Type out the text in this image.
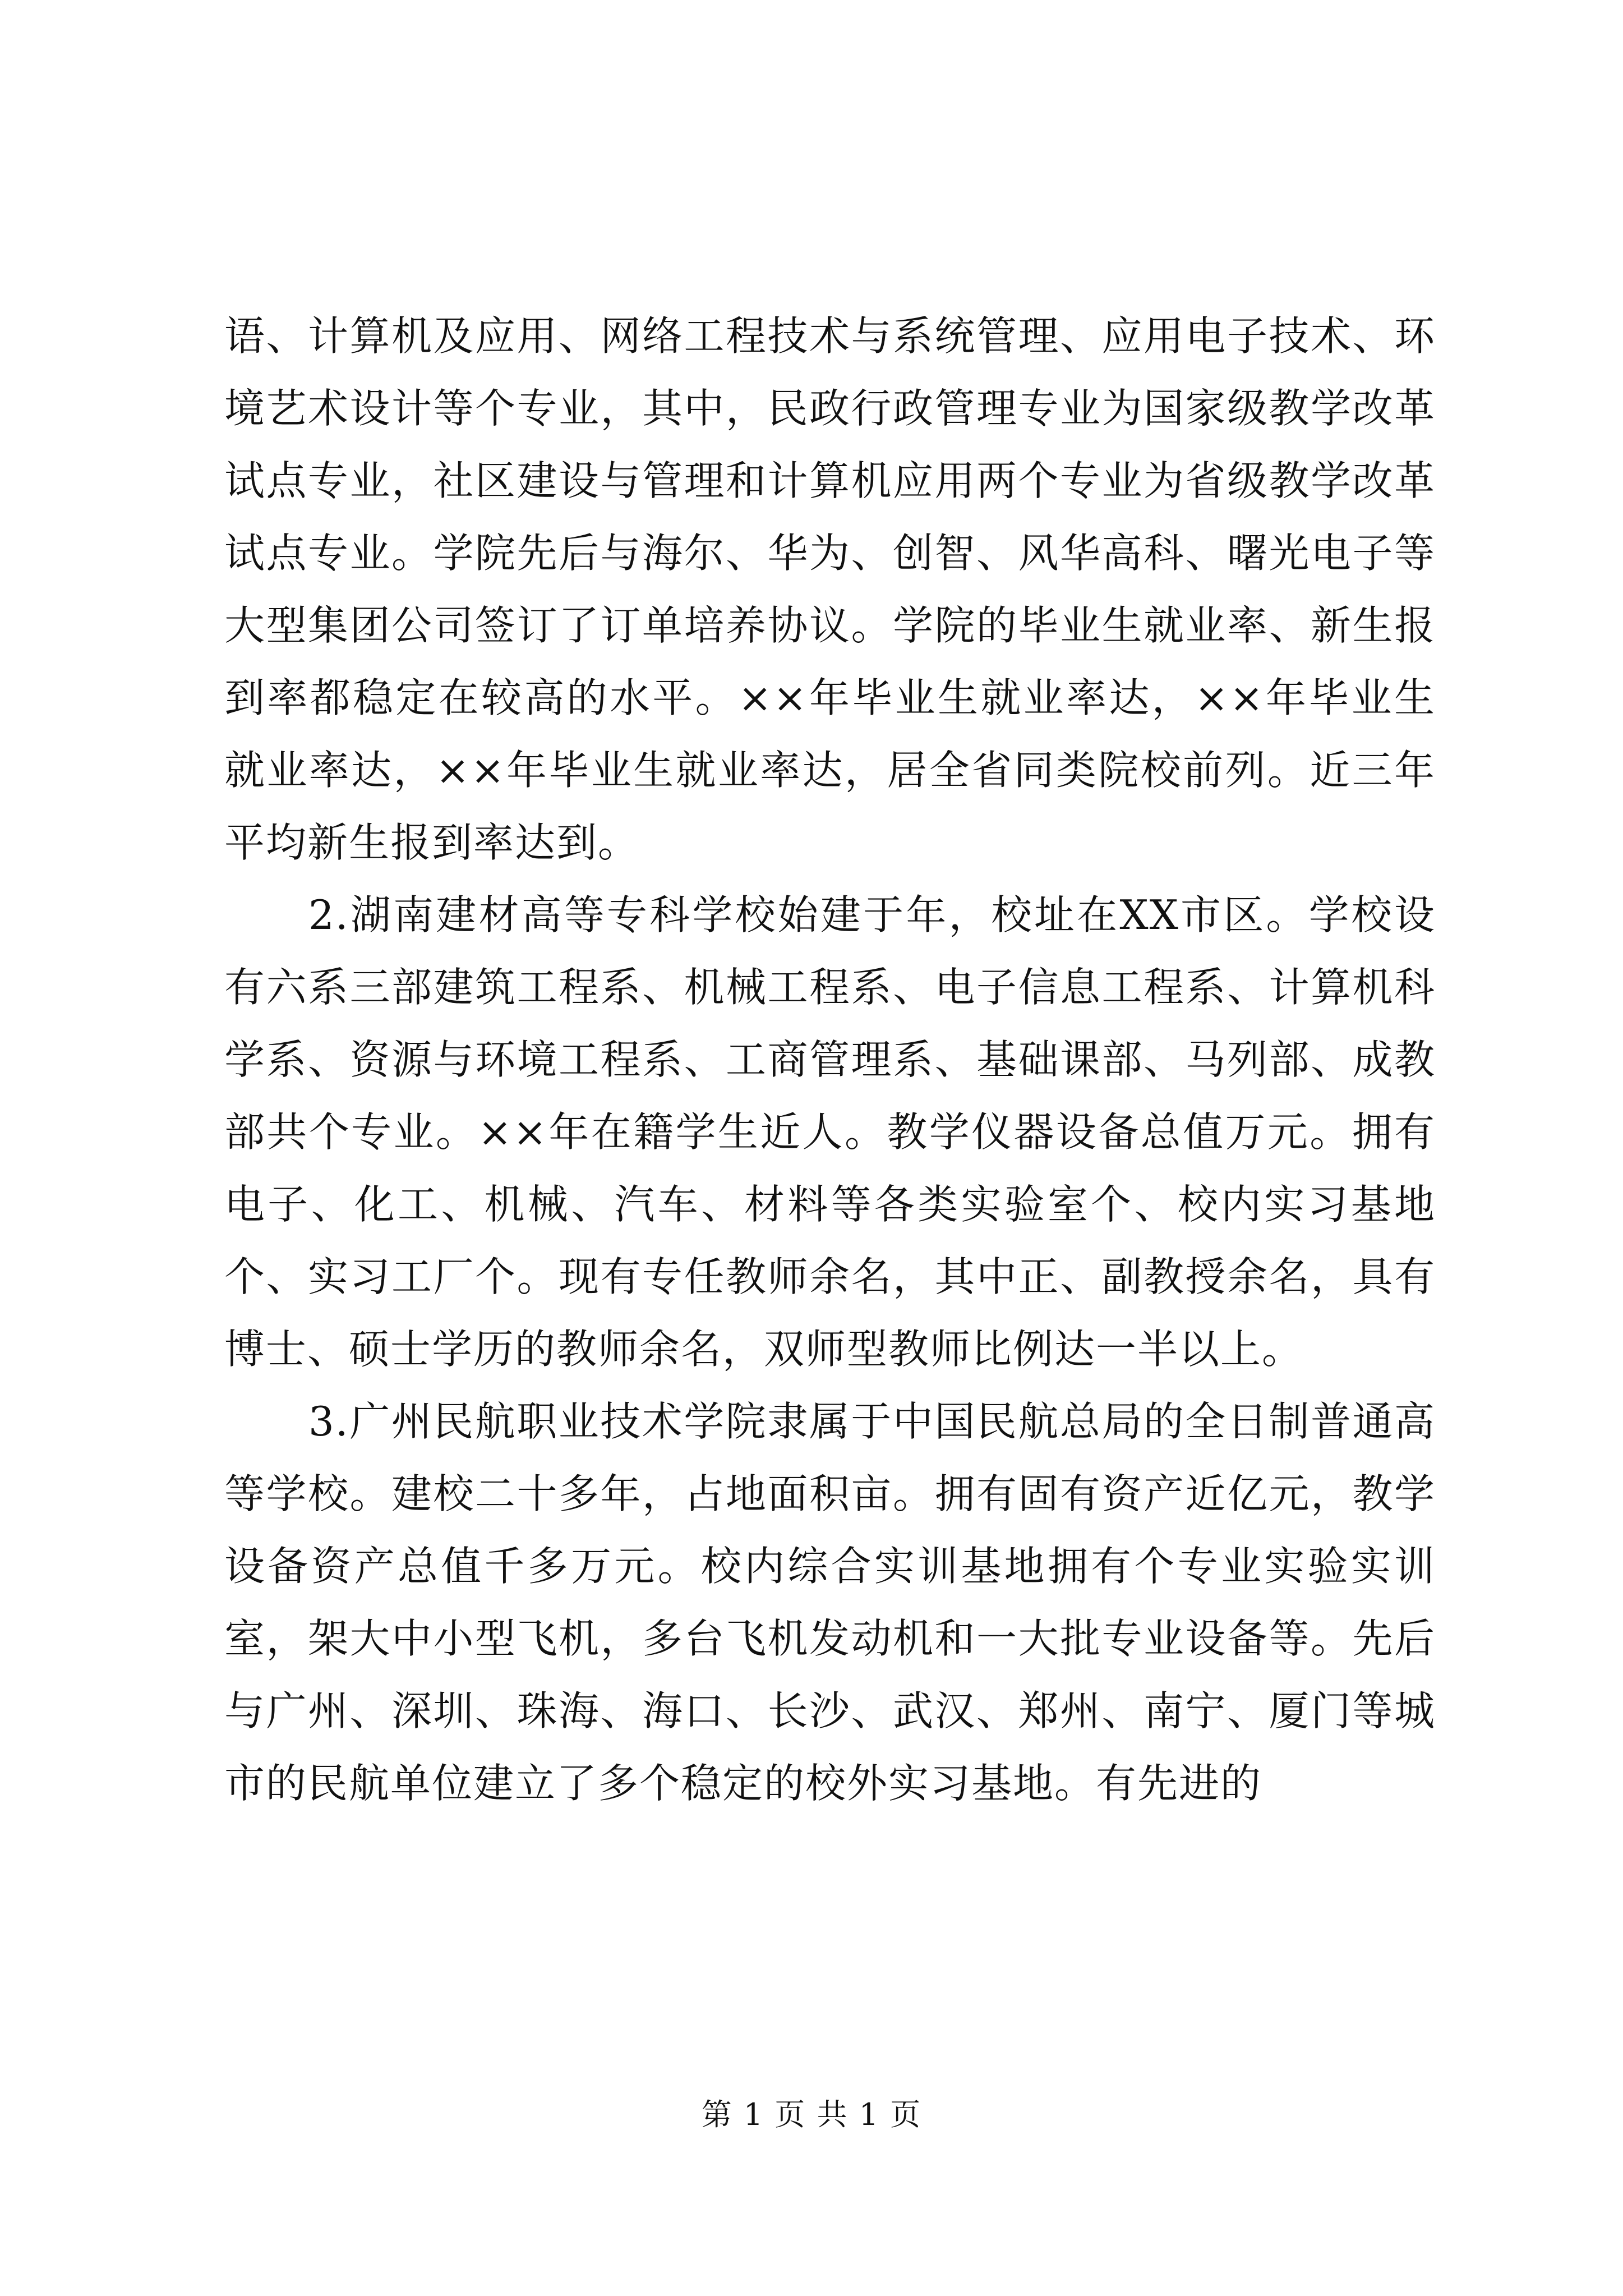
语、计算机及应用、网络工程技术与系统管理、应用电子技术、环境艺术设计等个专业，其中，民政行政管理专业为国家级教学改革试点专业，社区建设与管理和计算机应用两个专业为省级教学改革试点专业。学院先后与海尔、华为、创智、风华高科、曙光电子等大型集团公司签订了订单培养协议。学院的毕业生就业率、新生报到率都稳定在较高的水平。××年毕业生就业率达，××年毕业生就业率达，××年毕业生就业率达，居全省同类院校前列。近三年平均新生报到率达到。

2.湖南建材高等专科学校始建于年，校址在XX市区。学校设有六系三部建筑工程系、机械工程系、电子信息工程系、计算机科学系、资源与环境工程系、工商管理系、基础课部、马列部、成教部共个专业。××年在籍学生近人。教学仪器设备总值万元。拥有电子、化工、机械、汽车、材料等各类实验室个、校内实习基地个、实习工厂个。现有专任教师余名，其中正、副教授余名，具有博士、硕士学历的教师余名，双师型教师比例达一半以上。

3.广州民航职业技术学院隶属于中国民航总局的全日制普通高等学校。建校二十多年，占地面积亩。拥有固有资产近亿元，教学设备资产总值千多万元。校内综合实训基地拥有个专业实验实训室，架大中小型飞机，多台飞机发动机和一大批专业设备等。先后与广州、深圳、珠海、海口、长沙、武汉、郑州、南宁、厦门等城市的民航单位建立了多个稳定的校外实习基地。有先进的

第 1 页 共 1 页
